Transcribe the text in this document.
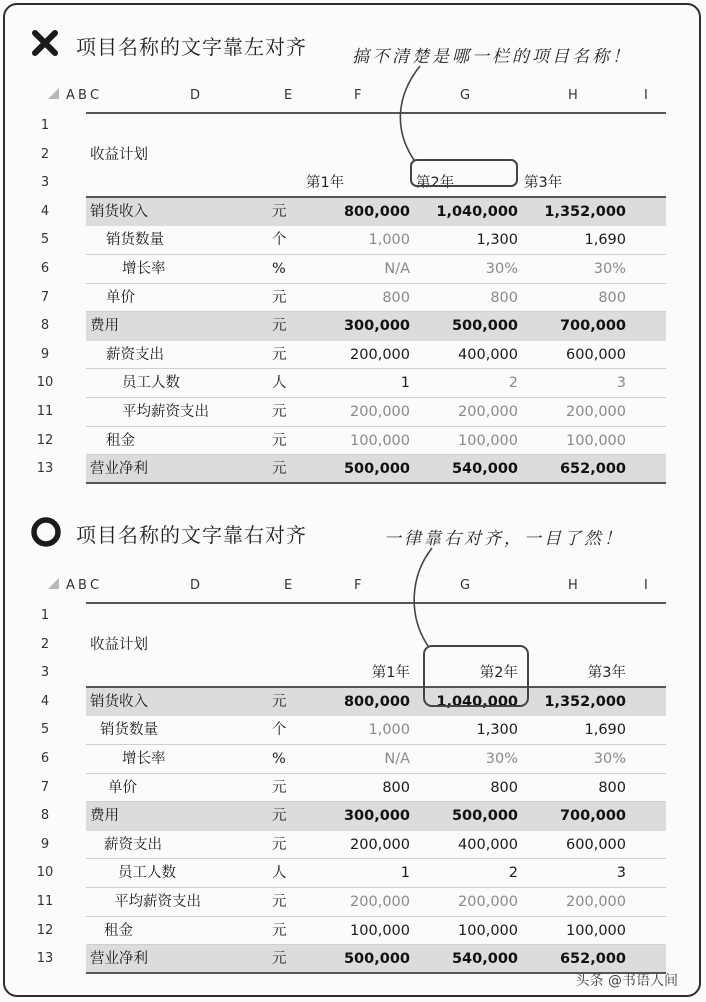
项目名称的文字靠左对齐	搞不清楚是哪一栏的项目名称！
A B C	D	E	F	G	H	I
1
2	收益计划
3	第1年	第2年	第3年
4	销货收入	元	800,000	1,040,000	1,352,000
5	销货数量	个	1,000	1,300	1,690
6	增长率	%	N/A	30%	30%
7	单价	元	800	800	800
8	费用	元	300,000	500,000	700,000
9	薪资支出	元	200,000	400,000	600,000
10	员工人数	人	1	2	3
11	平均薪资支出	元	200,000	200,000	200,000
12	租金	元	100,000	100,000	100,000
13	营业净利	元	500,000	540,000	652,000
项目名称的文字靠右对齐	一律靠右对齐，一目了然！
A B C	D	E	F	G	H	I
1
2	收益计划
3	第1年	第2年	第3年
4	销货收入	元	800,000	1,040,000	1,352,000
5	销货数量	个	1,000	1,300	1,690
6	增长率	%	N/A	30%	30%
7	单价	元	800	800	800
8	费用	元	300,000	500,000	700,000
9	薪资支出	元	200,000	400,000	600,000
10	员工人数	人	1	2	3
11	平均薪资支出	元	200,000	200,000	200,000
12	租金	元	100,000	100,000	100,000
13	营业净利	元	500,000	540,000	652,000
头条 @书语人间
